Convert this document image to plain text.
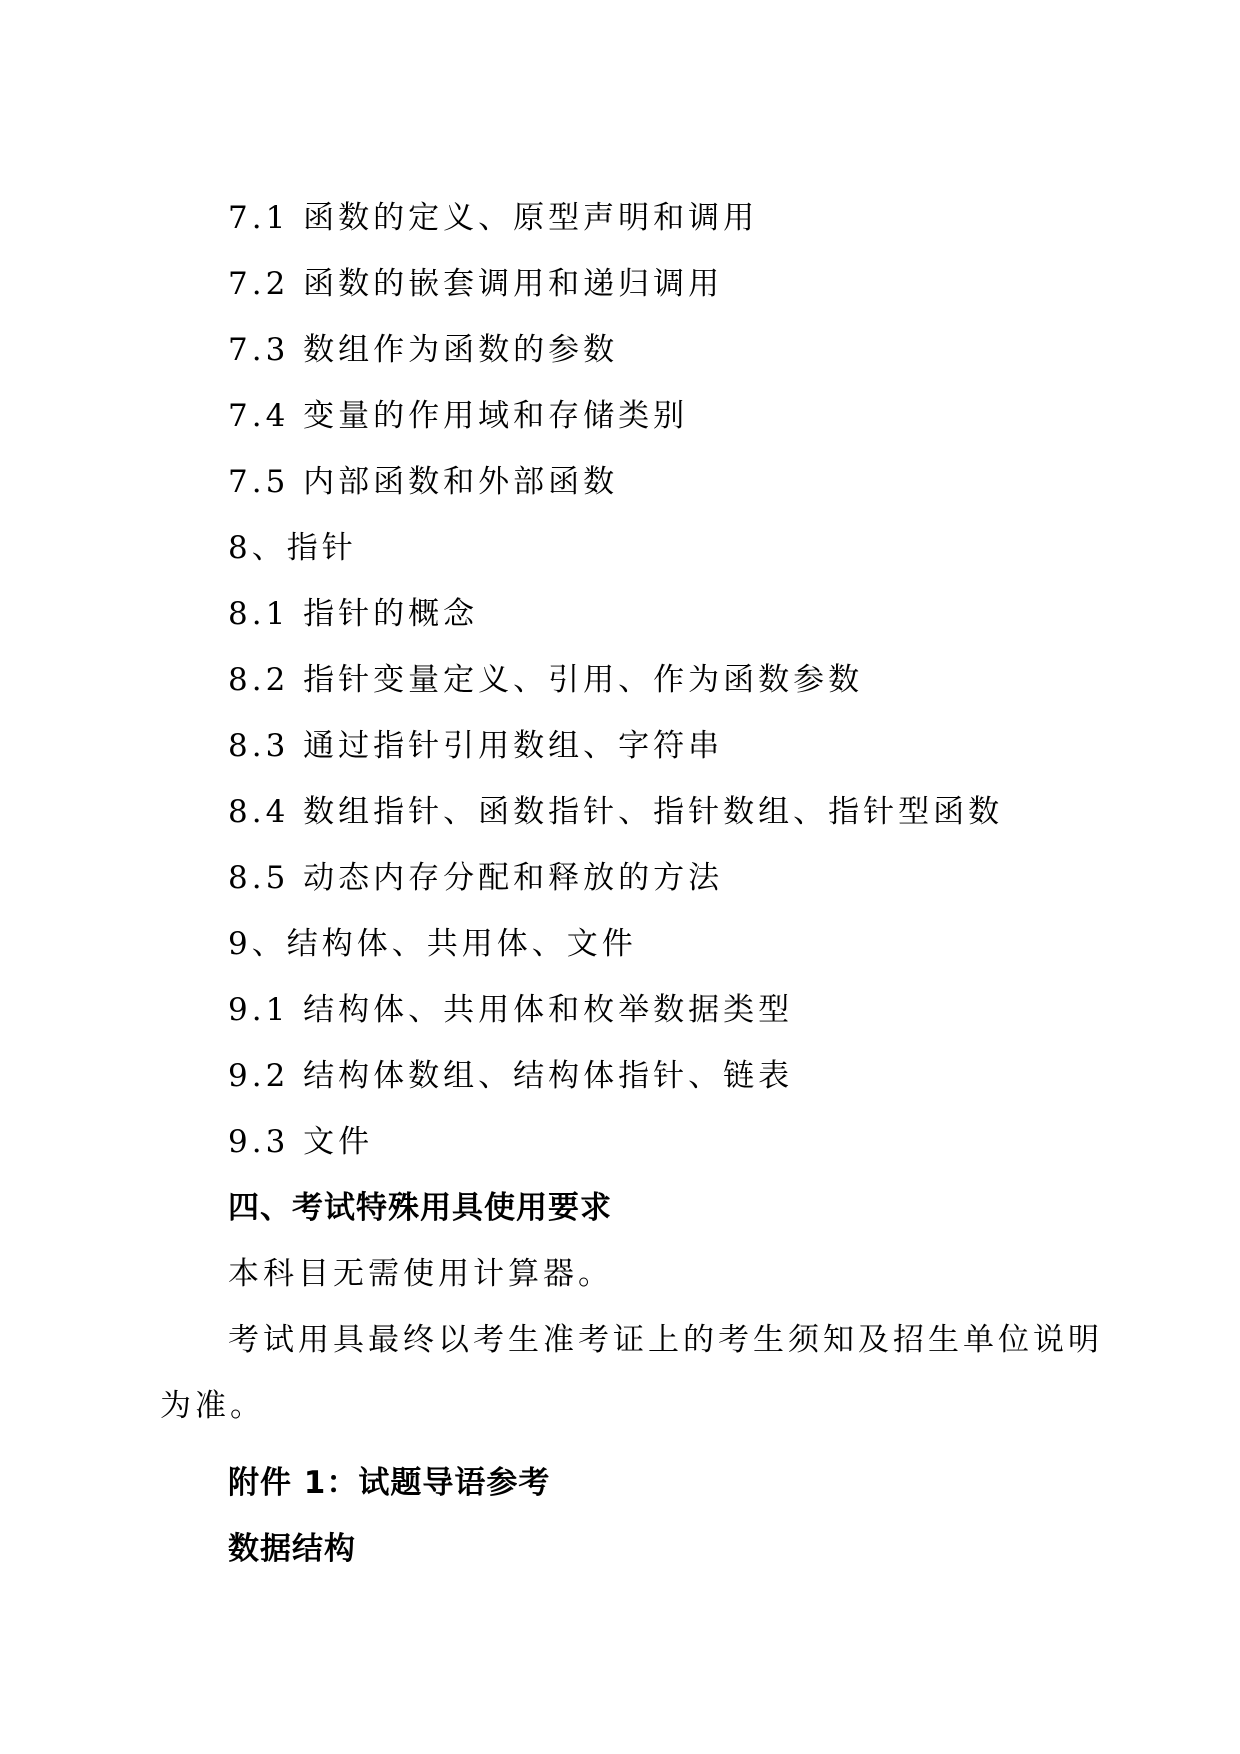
7.1 函数的定义、原型声明和调用
7.2 函数的嵌套调用和递归调用
7.3 数组作为函数的参数
7.4 变量的作用域和存储类别
7.5 内部函数和外部函数
8、指针
8.1 指针的概念
8.2 指针变量定义、引用、作为函数参数
8.3 通过指针引用数组、字符串
8.4 数组指针、函数指针、指针数组、指针型函数
8.5 动态内存分配和释放的方法
9、结构体、共用体、文件
9.1 结构体、共用体和枚举数据类型
9.2 结构体数组、结构体指针、链表
9.3 文件
四、考试特殊用具使用要求
本科目无需使用计算器。
考试用具最终以考生准考证上的考生须知及招生单位说明
为准。
附件 1：试题导语参考
数据结构
